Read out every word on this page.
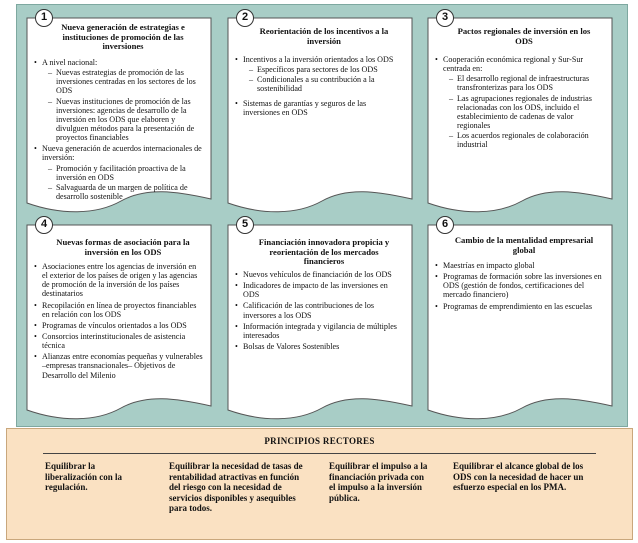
1
Nueva generación de estrategias e instituciones de promoción de las inversiones
• A nivel nacional:
– Nuevas estrategias de promoción de las inversiones centradas en los sectores de los ODS
– Nuevas instituciones de promoción de las inversiones: agencias de desarrollo de la inversión en los ODS que elaboren y divulguen métodos para la presentación de proyectos financiables
• Nueva generación de acuerdos internacionales de inversión:
– Promoción y facilitación proactiva de la inversión en ODS
– Salvaguarda de un margen de política de desarrollo sostenible
2
Reorientación de los incentivos a la inversión
• Incentivos a la inversión orientados a los ODS
– Específicos para sectores de los ODS
– Condicionales a su contribución a la sostenibilidad
• Sistemas de garantías y seguros de las inversiones en ODS
3
Pactos regionales de inversión en los ODS
• Cooperación económica regional y Sur-Sur centrada en:
– El desarrollo regional de infraestructuras transfronterizas para los ODS
– Las agrupaciones regionales de industrias relacionadas con los ODS, incluido el establecimiento de cadenas de valor regionales
– Los acuerdos regionales de colaboración industrial
4
Nuevas formas de asociación para la inversión en los ODS
• Asociaciones entre los agencias de inversión en el exterior de los países de origen y las agencias de promoción de la inversión de los países destinatarios
• Recopilación en línea de proyectos financiables en relación con los ODS
• Programas de vínculos orientados a los ODS
• Consorcios interinstitucionales de asistencia técnica
• Alianzas entre economías pequeñas y vulnerables –empresas transnacionales– Objetivos de Desarrollo del Milenio
5
Financiación innovadora propicia y reorientación de los mercados financieros
• Nuevos vehículos de financiación de los ODS
• Indicadores de impacto de las inversiones en ODS
• Calificación de las contribuciones de los inversores a los ODS
• Información integrada y vigilancia de múltiples interesados
• Bolsas de Valores Sostenibles
6
Cambio de la mentalidad empresarial global
• Maestrías en impacto global
• Programas de formación sobre las inversiones en ODS (gestión de fondos, certificaciones del mercado financiero)
• Programas de emprendimiento en las escuelas
PRINCIPIOS RECTORES
Equilibrar la liberalización con la regulación.
Equilibrar la necesidad de tasas de rentabilidad atractivas en función del riesgo con la necesidad de servicios disponibles y asequibles para todos.
Equilibrar el impulso a la financiación privada con el impulso a la inversión pública.
Equilibrar el alcance global de los ODS con la necesidad de hacer un esfuerzo especial en los PMA.
